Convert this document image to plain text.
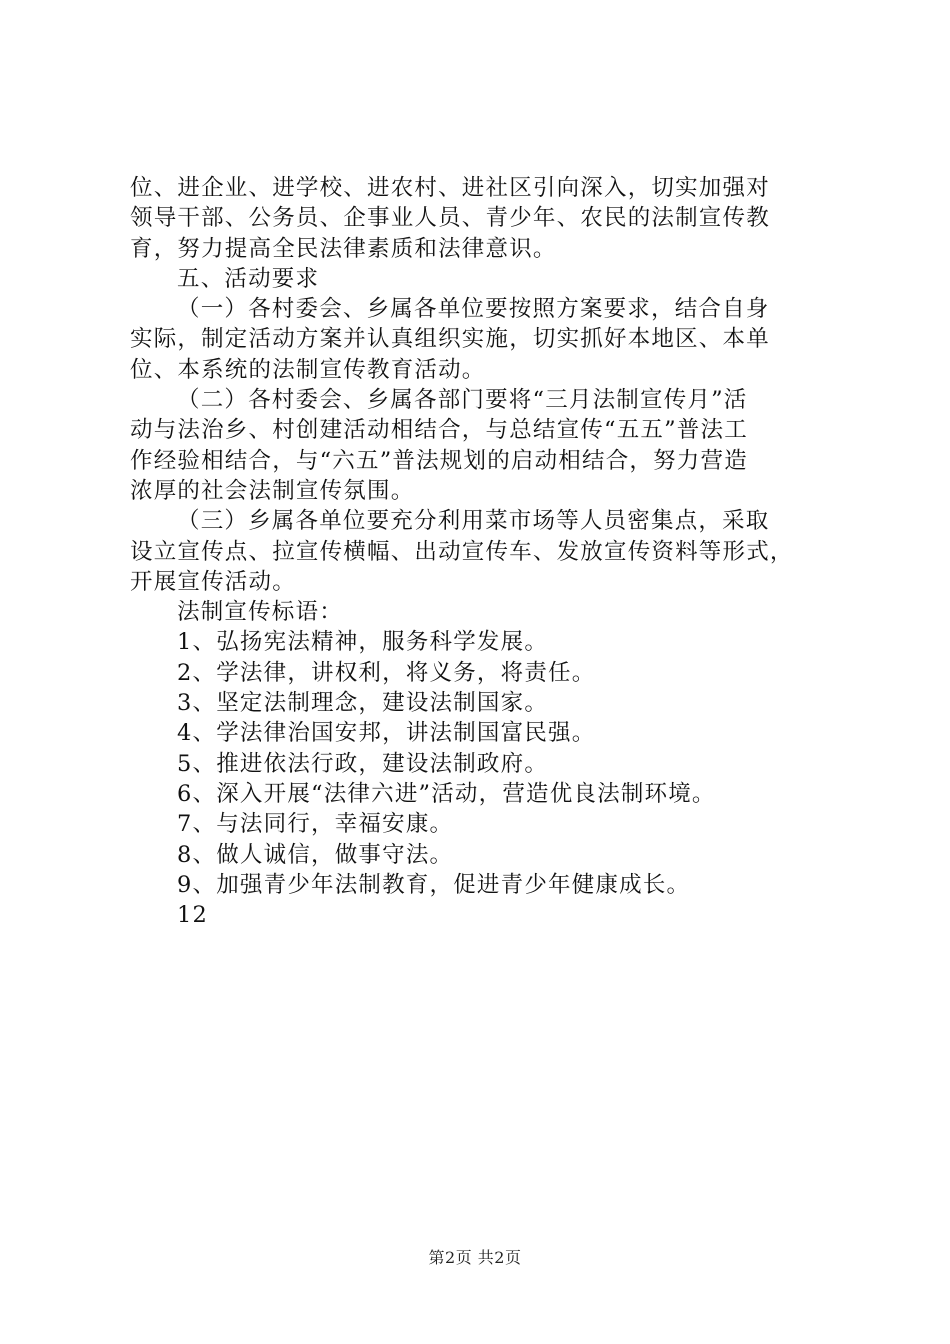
位、进企业、进学校、进农村、进社区引向深入，切实加强对
领导干部、公务员、企事业人员、青少年、农民的法制宣传教
育，努力提高全民法律素质和法律意识。
五、活动要求
（一）各村委会、乡属各单位要按照方案要求，结合自身
实际，制定活动方案并认真组织实施，切实抓好本地区、本单
位、本系统的法制宣传教育活动。
（二）各村委会、乡属各部门要将“三月法制宣传月”活
动与法治乡、村创建活动相结合，与总结宣传“五五”普法工
作经验相结合，与“六五”普法规划的启动相结合，努力营造
浓厚的社会法制宣传氛围。
（三）乡属各单位要充分利用菜市场等人员密集点，采取
设立宣传点、拉宣传横幅、出动宣传车、发放宣传资料等形式，
开展宣传活动。
法制宣传标语：
1、弘扬宪法精神，服务科学发展。
2、学法律，讲权利，将义务，将责任。
3、坚定法制理念，建设法制国家。
4、学法律治国安邦，讲法制国富民强。
5、推进依法行政，建设法制政府。
6、深入开展“法律六进”活动，营造优良法制环境。
7、与法同行，幸福安康。
8、做人诚信，做事守法。
9、加强青少年法制教育，促进青少年健康成长。
12
第2页 共2页
